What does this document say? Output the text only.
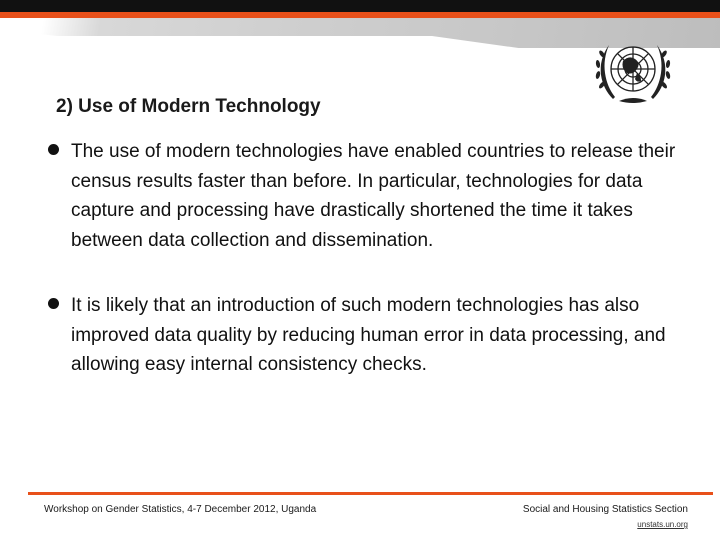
2) Use of Modern Technology
The use of modern technologies have enabled countries to release their census results faster than before. In particular, technologies for data capture and processing have drastically shortened the time it takes between data collection and dissemination.
It is likely that an introduction of such modern technologies has also improved data quality by reducing human error in data processing, and allowing easy internal consistency checks.
Workshop on Gender Statistics, 4-7 December 2012, Uganda	Social and Housing Statistics Section
unstats.un.org
